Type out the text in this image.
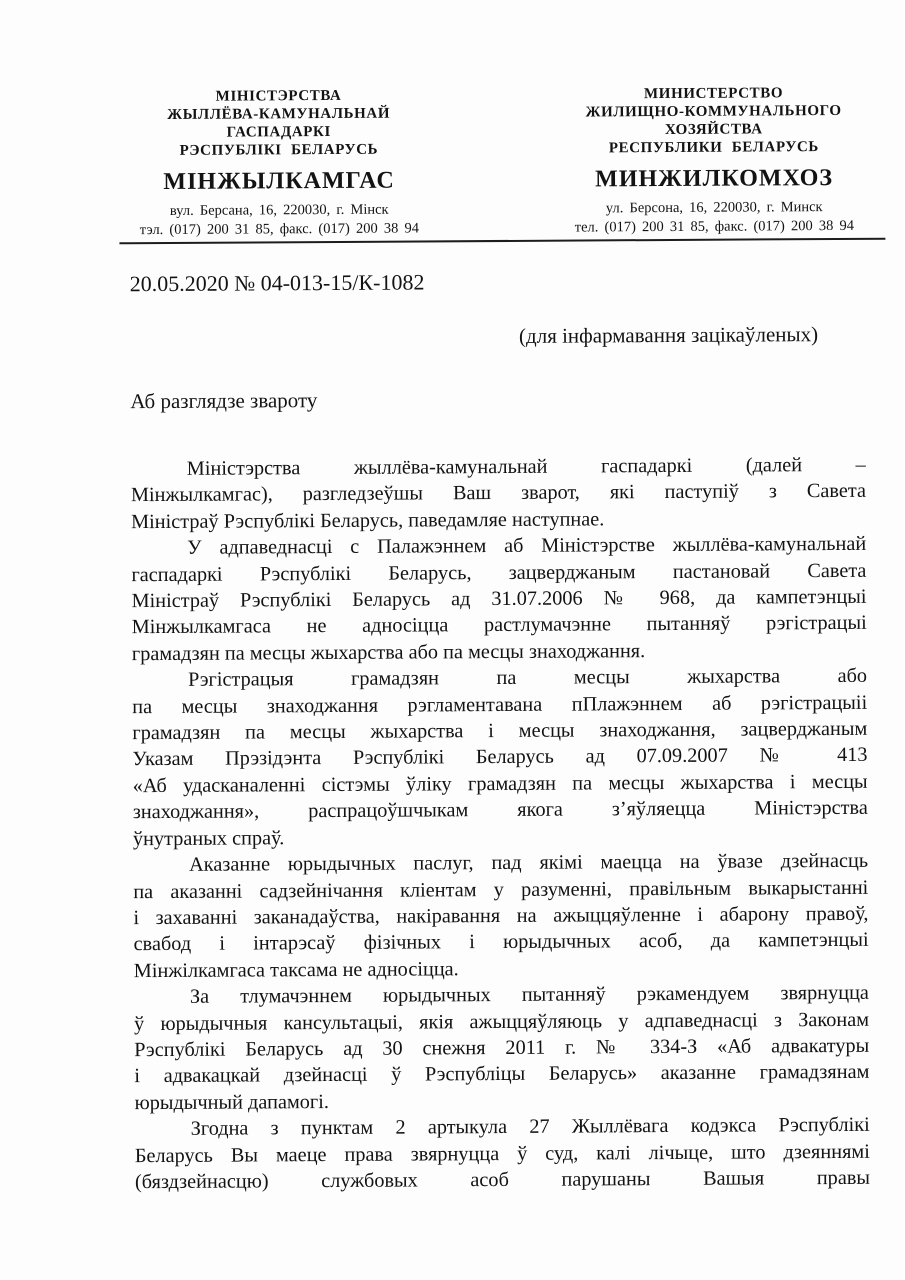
МІНІСТЭРСТВА
ЖЫЛЛЁВА-КАМУНАЛЬНАЙ
ГАСПАДАРКІ
РЭСПУБЛІКІ БЕЛАРУСЬ
МІНЖЫЛКАМГАС
вул. Берсана, 16, 220030, г. Мінск
тэл. (017) 200 31 85, факс. (017) 200 38 94
МИНИСТЕРСТВО
ЖИЛИЩНО-КОММУНАЛЬНОГО
ХОЗЯЙСТВА
РЕСПУБЛИКИ БЕЛАРУСЬ
МИНЖИЛКОМХОЗ
ул. Берсона, 16, 220030, г. Минск
тел. (017) 200 31 85, факс. (017) 200 38 94
20.05.2020 № 04-013-15/К-1082
(для інфармавання зацікаўленых)
Аб разглядзе звароту
Міністэрства жыллёва-камунальнай гаспадаркі (далей –
Мінжылкамгас), разгледзеўшы Ваш зварот, які паступіў з Савета
Міністраў Рэспублікі Беларусь, паведамляе наступнае.
У адпаведнасці с Палажэннем аб Міністэрстве жыллёва-камунальнай
гаспадаркі Рэспублікі Беларусь, зацверджаным пастановай Савета
Міністраў Рэспублікі Беларусь ад 31.07.2006 № 968, да кампетэнцыі
Мінжылкамгаса не адносіцца растлумачэнне пытанняў рэгістрацыі
грамадзян па месцы жыхарства або па месцы знаходжання.
Рэгістрацыя грамадзян па месцы жыхарства або
па месцы знаходжання рэгламентавана пПлажэннем аб рэгістрацыіі
грамадзян па месцы жыхарства і месцы знаходжання, зацверджаным
Указам Прэзідэнта Рэспублікі Беларусь ад 07.09.2007 № 413
«Аб удасканаленні сістэмы ўліку грамадзян па месцы жыхарства і месцы
знаходжання», распрацоўшчыкам якога з’яўляецца Міністэрства
ўнутраных спраў.
Аказанне юрыдычных паслуг, пад якімі маецца на ўвазе дзейнасць
па аказанні садзейнічання кліентам у разуменні, правільным выкарыстанні
і захаванні заканадаўства, накіравання на ажыццяўленне і абарону правоў,
свабод і інтарэсаў фізічных і юрыдычных асоб, да кампетэнцыі
Мінжілкамгаса таксама не адносіцца.
За тлумачэннем юрыдычных пытанняў рэкамендуем звярнуцца
ў юрыдычныя кансультацыі, якія ажыццяўляюць у адпаведнасці з Законам
Рэспублікі Беларусь ад 30 снежня 2011 г. № 334-З «Аб адвакатуры
і адвакацкай дзейнасці ў Рэспубліцы Беларусь» аказанне грамадзянам
юрыдычный дапамогі.
Згодна з пунктам 2 артыкула 27 Жыллёвага кодэкса Рэспублікі
Беларусь Вы маеце права звярнуцца ў суд, калі лічыце, што дзеяннямі
(бяздзейнасцю) службовых асоб парушаны Вашыя правы
